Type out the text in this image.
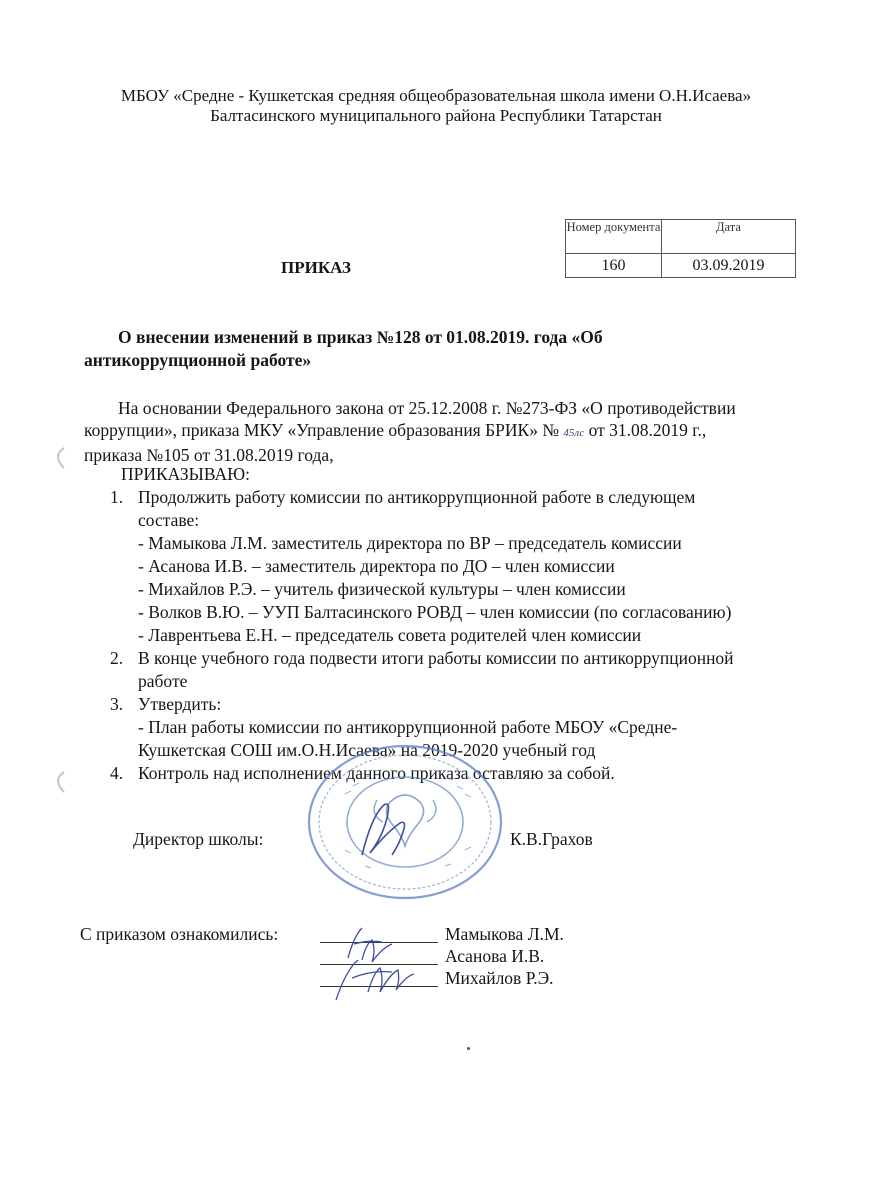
МБОУ «Средне - Кушкетская средняя общеобразовательная школа имени О.Н.Исаева»
Балтасинского муниципального района Республики Татарстан
Номер документа	Дата
160	03.09.2019
ПРИКАЗ
О внесении изменений в приказ №128 от 01.08.2019. года «Об
антикоррупционной работе»
На основании Федерального закона от 25.12.2008 г. №273-ФЗ «О противодействии
коррупции», приказа МКУ «Управление образования БРИК» № 45лс от 31.08.2019 г.,
приказа №105 от 31.08.2019 года,
ПРИКАЗЫВАЮ:
1. Продолжить работу комиссии по антикоррупционной работе в следующем
составе:
- Мамыкова Л.М. заместитель директора по ВР – председатель комиссии
- Асанова И.В. – заместитель директора по ДО – член комиссии
- Михайлов Р.Э. – учитель физической культуры – член комиссии
- Волков В.Ю. – УУП Балтасинского РОВД – член комиссии (по согласованию)
- Лаврентьева Е.Н. – председатель совета родителей член комиссии
2. В конце учебного года подвести итоги работы комиссии по антикоррупционной
работе
3. Утвердить:
- План работы комиссии по антикоррупционной работе МБОУ «Средне-
Кушкетская СОШ им.О.Н.Исаева» на 2019-2020 учебный год
4. Контроль над исполнением данного приказа оставляю за собой.
Директор школы:	К.В.Грахов
С приказом ознакомились:	Мамыкова Л.М.
Асанова И.В.
Михайлов Р.Э.
